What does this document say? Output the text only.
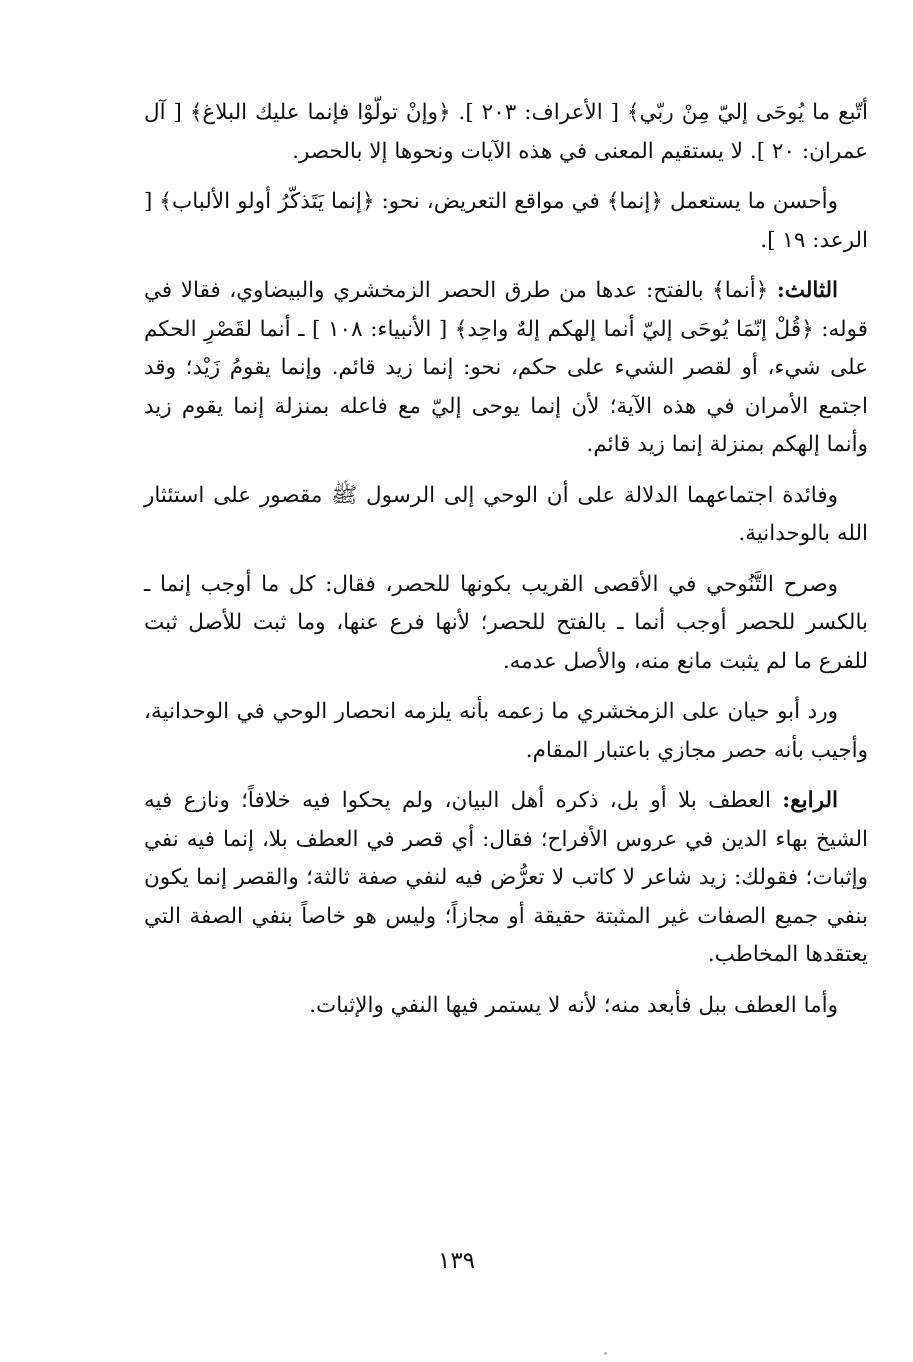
أتّبع ما يُوحَى إليّ مِنْ ربّي﴾ [ الأعراف: ٢٠٣ ]. ﴿وإنْ تولّوْا فإنما عليك البلاغ﴾ [ آل عمران: ٢٠ ]. لا يستقيم المعنى في هذه الآيات ونحوها إلا بالحصر.

وأحسن ما يستعمل ﴿إنما﴾ في مواقع التعريض، نحو: ﴿إنما يَتَذكّرُ أولو الألباب﴾ [ الرعد: ١٩ ].

الثالث: ﴿أنما﴾ بالفتح: عدها من طرق الحصر الزمخشري والبيضاوي، فقالا في قوله: ﴿قُلْ إنّمَا يُوحَى إليّ أنما إلهكم إلهٌ واحِد﴾ [ الأنبياء: ١٠٨ ] ـ أنما لقَصْرِ الحكم على شيء، أو لقصر الشيء على حكم، نحو: إنما زيد قائم. وإنما يقومُ زَيْد؛ وقد اجتمع الأمران في هذه الآية؛ لأن إنما يوحى إليّ مع فاعله بمنزلة إنما يقوم زيد وأنما إلهكم بمنزلة إنما زيد قائم.

وفائدة اجتماعهما الدلالة على أن الوحي إلى الرسول ﷺ مقصور على استئثار الله بالوحدانية.

وصرح التَّنُوحي في الأقصى القريب بكونها للحصر، فقال: كل ما أوجب إنما ـ بالكسر للحصر أوجب أنما ـ بالفتح للحصر؛ لأنها فرع عنها، وما ثبت للأصل ثبت للفرع ما لم يثبت مانع منه، والأصل عدمه.

ورد أبو حيان على الزمخشري ما زعمه بأنه يلزمه انحصار الوحي في الوحدانية، وأجيب بأنه حصر مجازي باعتبار المقام.

الرابع: العطف بلا أو بل، ذكره أهل البيان، ولم يحكوا فيه خلافاً؛ ونازع فيه الشيخ بهاء الدين في عروس الأفراح؛ فقال: أي قصر في العطف بلا، إنما فيه نفي وإثبات؛ فقولك: زيد شاعر لا كاتب لا تعرُّض فيه لنفي صفة ثالثة؛ والقصر إنما يكون بنفي جميع الصفات غير المثبتة حقيقة أو مجازاً؛ وليس هو خاصاً بنفي الصفة التي يعتقدها المخاطب.

وأما العطف ببل فأبعد منه؛ لأنه لا يستمر فيها النفي والإثبات.

١٣٩
